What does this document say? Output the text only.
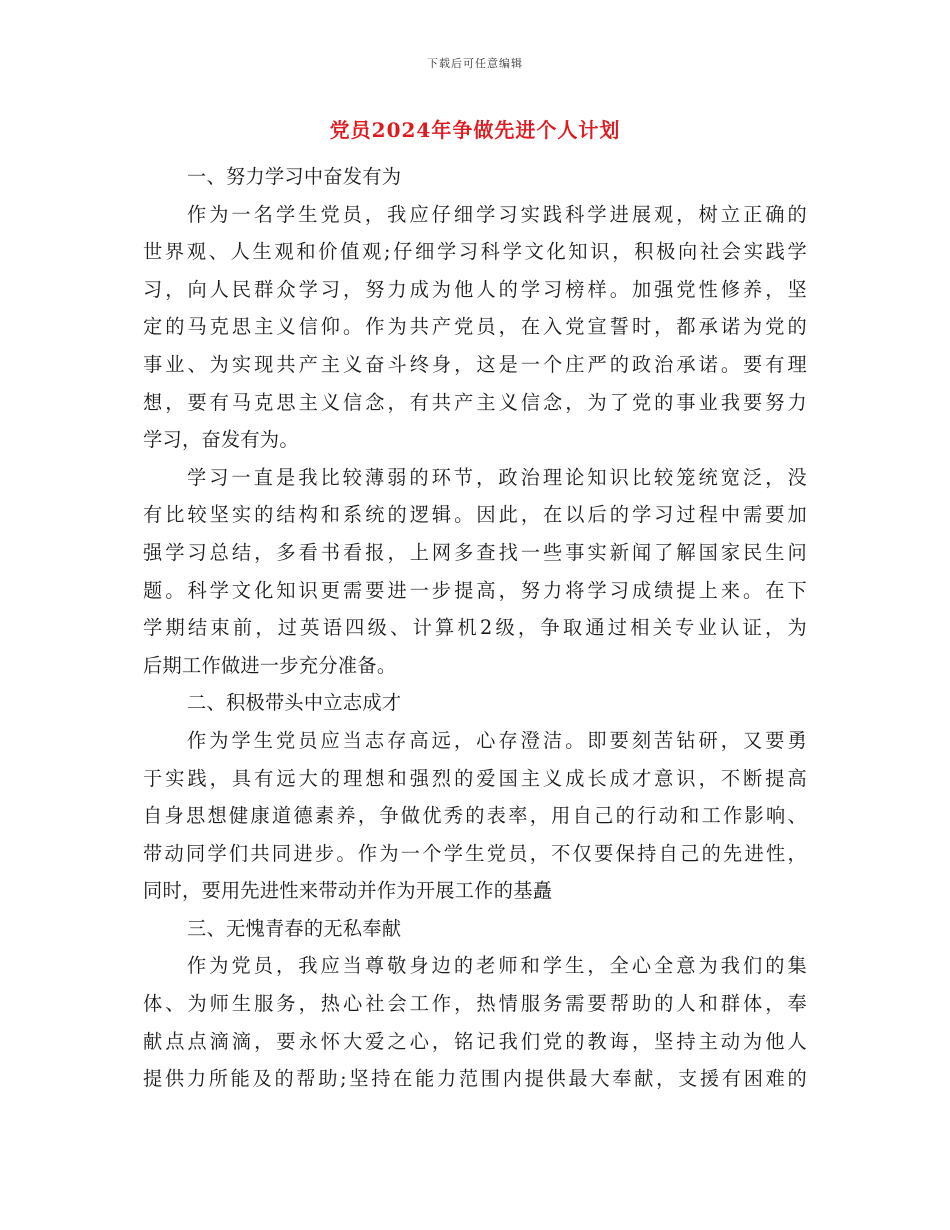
下载后可任意编辑
党员2024年争做先进个人计划
一、努力学习中奋发有为
作为一名学生党员，我应仔细学习实践科学进展观，树立正确的
世界观、人生观和价值观;仔细学习科学文化知识，积极向社会实践学
习，向人民群众学习，努力成为他人的学习榜样。加强党性修养，坚
定的马克思主义信仰。作为共产党员，在入党宣誓时，都承诺为党的
事业、为实现共产主义奋斗终身，这是一个庄严的政治承诺。要有理
想，要有马克思主义信念，有共产主义信念，为了党的事业我要努力
学习，奋发有为。
学习一直是我比较薄弱的环节，政治理论知识比较笼统宽泛，没
有比较坚实的结构和系统的逻辑。因此，在以后的学习过程中需要加
强学习总结，多看书看报，上网多查找一些事实新闻了解国家民生问
题。科学文化知识更需要进一步提高，努力将学习成绩提上来。在下
学期结束前，过英语四级、计算机2级，争取通过相关专业认证，为
后期工作做进一步充分准备。
二、积极带头中立志成才
作为学生党员应当志存高远，心存澄洁。即要刻苦钻研，又要勇
于实践，具有远大的理想和强烈的爱国主义成长成才意识，不断提高
自身思想健康道德素养，争做优秀的表率，用自己的行动和工作影响、
带动同学们共同进步。作为一个学生党员，不仅要保持自己的先进性，
同时，要用先进性来带动并作为开展工作的基矗
三、无愧青春的无私奉献
作为党员，我应当尊敬身边的老师和学生，全心全意为我们的集
体、为师生服务，热心社会工作，热情服务需要帮助的人和群体，奉
献点点滴滴，要永怀大爱之心，铭记我们党的教诲，坚持主动为他人
提供力所能及的帮助;坚持在能力范围内提供最大奉献，支援有困难的
